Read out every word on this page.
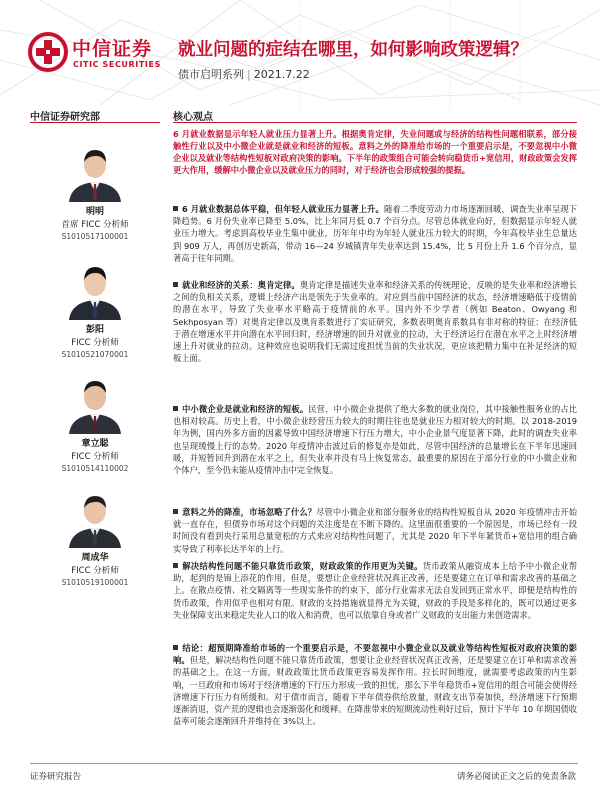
中信证券
CITIC SECURITIES
就业问题的症结在哪里，如何影响政策逻辑？
债市启明系列 | 2021.7.22
中信证券研究部	核心观点
明明
首席 FICC 分析师
S1010517100001
彭阳
FICC 分析师
S1010521070001
章立聪
FICC 分析师
S1010514110002
周成华
FICC 分析师
S1010519100001
6 月就业数据显示年轻人就业压力显著上升。根据奥肯定律，失业问题或与经济的结构性问题相联系，部分接触性行业以及中小微企业就是就业和经济的短板。意料之外的降准给市场的一个重要启示是，不要忽视中小微企业以及就业等结构性短板对政府决策的影响。下半年的政策组合可能会转向稳货币+宽信用，财政政策会发挥更大作用，缓解中小微企业以及就业压力的同时，对于经济也会形成较强的提振。
6 月就业数据总体平稳，但年轻人就业压力显著上升。随着二季度劳动力市场逐渐回暖，调查失业率呈现下降趋势。6 月份失业率已降至 5.0%，比上年同月低 0.7 个百分点。尽管总体就业向好，但数据显示年轻人就业压力增大。考虑到高校毕业生集中就业，历年年中均为年轻人就业压力较大的时期，今年高校毕业生总量达到 909 万人，再创历史新高，带动 16—24 岁城镇青年失业率达到 15.4%，比 5 月份上升 1.6 个百分点，显著高于往年同期。
就业和经济的关系：奥肯定律。奥肯定律是描述失业率和经济关系的传统理论，反映的是失业率和经济增长之间的负相关关系，逻辑上经济产出是领先于失业率的。对应到当前中国经济的状态，经济增速略低于疫情前的潜在水平，导致了失业率水平略高于疫情前的水平。国内外不少学者（例如 Beaton、Owyang 和 Sekhposyan 等）对奥肯定律以及奥肯系数进行了实证研究，多数表明奥肯系数具有非对称的特征：在经济低于潜在增速水平并向潜在水平回归时，经济增速的回升对就业的拉动，大于经济运行在潜在水平之上时经济增速上升对就业的拉动。这种效应也说明我们无需过度担忧当前的失业状况，更应该把精力集中在补足经济的短板上面。
中小微企业是就业和经济的短板。民营、中小微企业提供了绝大多数的就业岗位，其中接触性服务业的占比也相对较高。历史上看，中小微企业经营压力较大的时期往往也是就业压力相对较大的时期。以 2018-2019 年为例，国内外多方面的因素导致中国经济增速下行压力增大，中小企业景气度显著下降，此时的调查失业率也呈现缓慢上行的态势。2020 年疫情冲击波过后的修复亦是如此，尽管中国经济的总量增长在下半年迅速回暖，并短暂回升到潜在水平之上，但失业率并没有马上恢复常态，最重要的原因在于部分行业的中小微企业和个体户，至今仍未能从疫情冲击中完全恢复。
意料之外的降准，市场忽略了什么？尽管中小微企业和部分服务业的结构性短板自从 2020 年疫情冲击开始就一直存在，但债券市场对这个问题的关注度是在不断下降的。这里面很重要的一个原因是，市场已经有一段时间没有看到央行采用总量宽松的方式来应对结构性问题了，尤其是 2020 年下半年紧货币+宽信用的组合确实导致了利率长达半年的上行。
解决结构性问题不能只靠货币政策，财政政策的作用更为关键。货币政策从融资成本上给予中小微企业帮助，起到的是锦上添花的作用。但是，要想让企业经营状况真正改善，还是要建立在订单和需求改善的基础之上。在散点疫情、社交隔离等一些现实条件的约束下，部分行业需求无法自发回到正常水平，即便是结构性的货币政策，作用似乎也相对有限。财政的支持措施就显得尤为关键，财政的手段是多样化的，既可以通过更多失业保障支出来稳定失业人口的收入和消费，也可以依靠自身或者广义财政的支出能力来创造需求。
结论：超预期降准给市场的一个重要启示是，不要忽视中小微企业以及就业等结构性短板对政府决策的影响。但是，解决结构性问题不能只靠货币政策，想要让企业经营状况真正改善，还是要建立在订单和需求改善的基础之上。在这一方面，财政政策比货币政策更容易发挥作用。拉长时间维度，就需要考虑政策的内生影响，一旦政府和市场对于经济增速的下行压力形成一致的担忧，那么下半年稳货币+宽信用的组合可能会使得经济增速下行压力有所缓和。对于债市而言，随着下半年债券供给放量，财政支出节奏加快，经济增速下行预期逐渐消退，资产荒的逻辑也会逐渐弱化和缓释。在降准带来的短期流动性利好过后，预计下半年 10 年期国债收益率可能会逐渐回升并维持在 3%以上。
证券研究报告	请务必阅读正文之后的免责条款
